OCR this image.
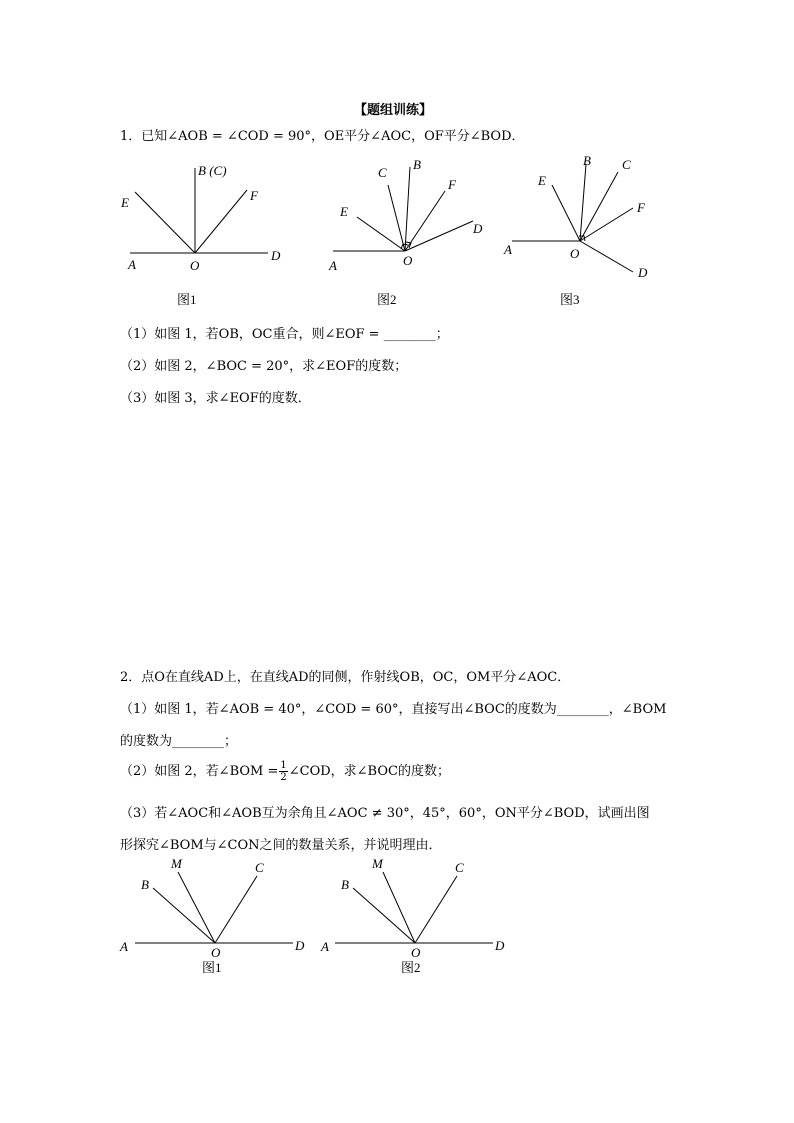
【题组训练】
1．已知∠AOB = ∠COD = 90°，OE平分∠AOC，OF平分∠BOD．
A	O
D
E
B (C)
F
图1
A	O
D
E
C
B
F
图2
A	O
D
E
B C
F
图3
（1）如图 1，若OB，OC重合，则∠EOF = ________；
（2）如图 2，∠BOC = 20°，求∠EOF的度数；
（3）如图 3，求∠EOF的度数．
2．点O在直线AD上，在直线AD的同侧，作射线OB，OC，OM平分∠AOC．
（1）如图 1，若∠AOB = 40°，∠COD = 60°，直接写出∠BOC的度数为________，∠BOM
的度数为________；
（2）如图 2，若∠BOM = $\frac{1}{2}$ ∠COD，求∠BOC的度数；
（3）若∠AOC和∠AOB互为余角且∠AOC ≠ 30°，45°，60°，ON平分∠BOD，试画出图
形探究∠BOM与∠CON之间的数量关系，并说明理由．
A	O	D
B
M	C
图1
A	O	D
B
M	C
图2
